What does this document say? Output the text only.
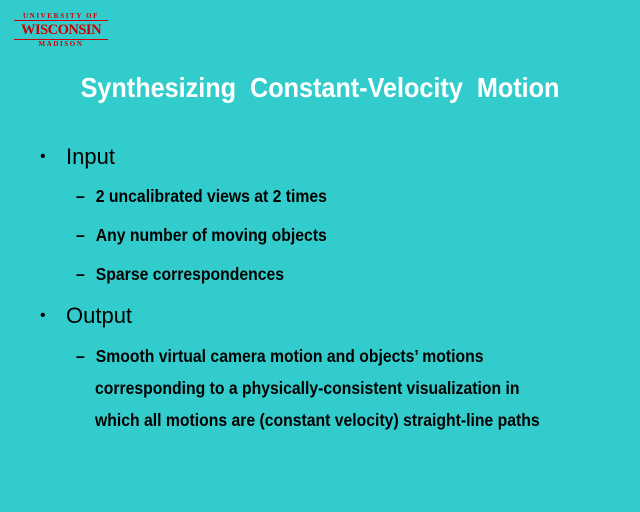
UNIVERSITY OF
WISCONSIN
MADISON
Synthesizing  Constant-Velocity  Motion
• Input
– 2 uncalibrated views at 2 times
– Any number of moving objects
– Sparse correspondences
• Output
– Smooth virtual camera motion and objects’ motions
corresponding to a physically-consistent visualization in
which all motions are (constant velocity) straight-line paths
